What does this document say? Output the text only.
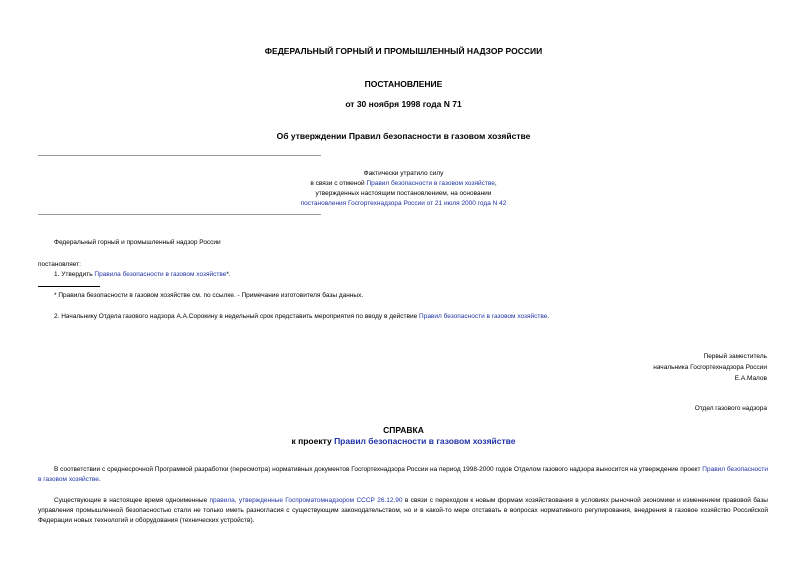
ФЕДЕРАЛЬНЫЙ ГОРНЫЙ И ПРОМЫШЛЕННЫЙ НАДЗОР РОССИИ
ПОСТАНОВЛЕНИЕ
от 30 ноября 1998 года N 71
Об утверждении Правил безопасности в газовом хозяйстве
Фактически утратило силу
в связи с отменой Правил безопасности в газовом хозяйстве,
утвержденных настоящим постановлением, на основании
постановления Госгортехнадзора России от 21 июля 2000 года N 42
Федеральный горный и промышленный надзор России
постановляет:
1. Утвердить Правила безопасности в газовом хозяйстве*.
* Правила безопасности в газовом хозяйстве см. по ссылке. - Примечание изготовителя базы данных.
2. Начальнику Отдела газового надзора А.А.Сорокину в недельный срок представить мероприятия по вводу в действие Правил безопасности в газовом хозяйстве.
Первый заместитель
начальника Госгортехнадзора России
Е.А.Малов
Отдел газового надзора
СПРАВКА
к проекту Правил безопасности в газовом хозяйстве
В соответствии с среднесрочной Программой разработки (пересмотра) нормативных документов Госгортехнадзора России на период 1998-2000 годов Отделом газового надзора выносится на утверждение проект Правил безопасности в газовом хозяйстве.
Существующие в настоящее время одноименные правила, утвержденные Госпроматомнадзором СССР 26.12.90 в связи с переходом к новым формам хозяйствования в условиях рыночной экономики и изменением правовой базы управления промышленной безопасностью стали не только иметь разногласия с существующим законодательством, но и в какой-то мере отставать в вопросах нормативного регулирования, внедрения в газовое хозяйство Российской Федерации новых технологий и оборудования (технических устройств).
